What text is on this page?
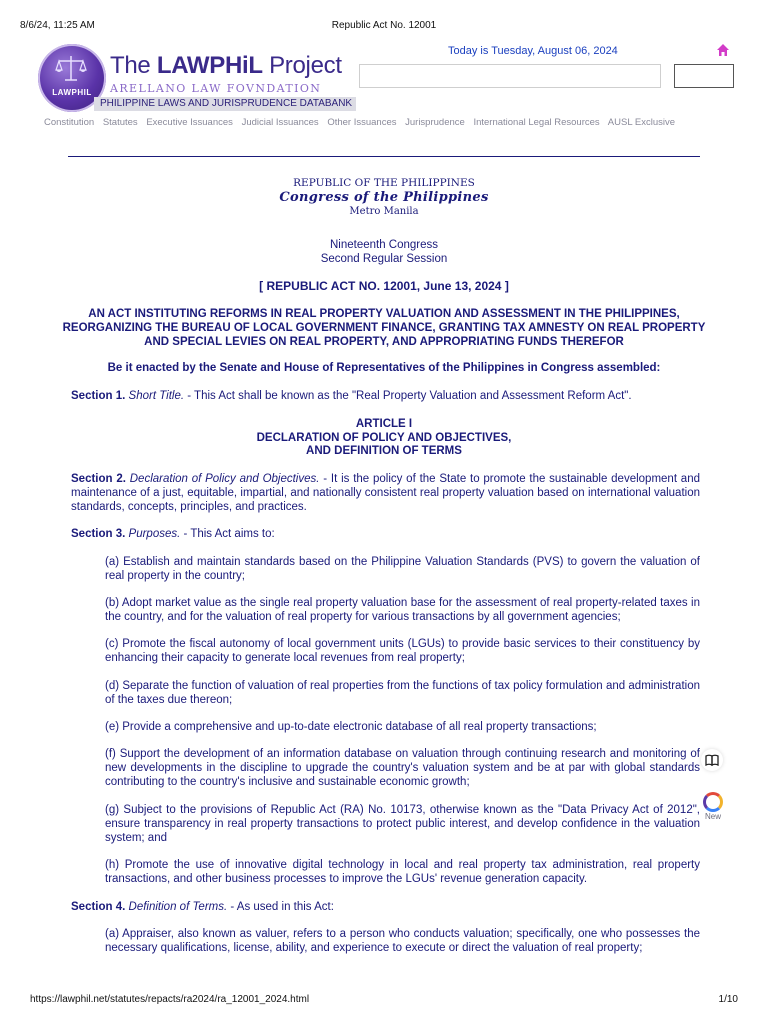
8/6/24, 11:25 AM	Republic Act No. 12001
LAWPHIL
The LAWPHiL Project
ARELLANO LAW FOVNDATION
PHILIPPINE LAWS AND JURISPRUDENCE DATABANK
Today is Tuesday, August 06, 2024
Constitution Statutes Executive Issuances Judicial Issuances Other Issuances Jurisprudence International Legal Resources AUSL Exclusive
REPUBLIC OF THE PHILIPPINES
Congress of the Philippines
Metro Manila
Nineteenth Congress
Second Regular Session
[ REPUBLIC ACT NO. 12001, June 13, 2024 ]
AN ACT INSTITUTING REFORMS IN REAL PROPERTY VALUATION AND ASSESSMENT IN THE PHILIPPINES, REORGANIZING THE BUREAU OF LOCAL GOVERNMENT FINANCE, GRANTING TAX AMNESTY ON REAL PROPERTY AND SPECIAL LEVIES ON REAL PROPERTY, AND APPROPRIATING FUNDS THEREFOR
Be it enacted by the Senate and House of Representatives of the Philippines in Congress assembled:
Section 1. Short Title. - This Act shall be known as the "Real Property Valuation and Assessment Reform Act".
ARTICLE I
DECLARATION OF POLICY AND OBJECTIVES,
AND DEFINITION OF TERMS
Section 2. Declaration of Policy and Objectives. - It is the policy of the State to promote the sustainable development and maintenance of a just, equitable, impartial, and nationally consistent real property valuation based on international valuation standards, concepts, principles, and practices.
Section 3. Purposes. - This Act aims to:
(a) Establish and maintain standards based on the Philippine Valuation Standards (PVS) to govern the valuation of real property in the country;
(b) Adopt market value as the single real property valuation base for the assessment of real property-related taxes in the country, and for the valuation of real property for various transactions by all government agencies;
(c) Promote the fiscal autonomy of local government units (LGUs) to provide basic services to their constituency by enhancing their capacity to generate local revenues from real property;
(d) Separate the function of valuation of real properties from the functions of tax policy formulation and administration of the taxes due thereon;
(e) Provide a comprehensive and up-to-date electronic database of all real property transactions;
(f) Support the development of an information database on valuation through continuing research and monitoring of new developments in the discipline to upgrade the country's valuation system and be at par with global standards contributing to the country's inclusive and sustainable economic growth;
(g) Subject to the provisions of Republic Act (RA) No. 10173, otherwise known as the "Data Privacy Act of 2012", ensure transparency in real property transactions to protect public interest, and develop confidence in the valuation system; and
(h) Promote the use of innovative digital technology in local and real property tax administration, real property transactions, and other business processes to improve the LGUs' revenue generation capacity.
Section 4. Definition of Terms. - As used in this Act:
(a) Appraiser, also known as valuer, refers to a person who conducts valuation; specifically, one who possesses the necessary qualifications, license, ability, and experience to execute or direct the valuation of real property;
New
https://lawphil.net/statutes/repacts/ra2024/ra_12001_2024.html	1/10
